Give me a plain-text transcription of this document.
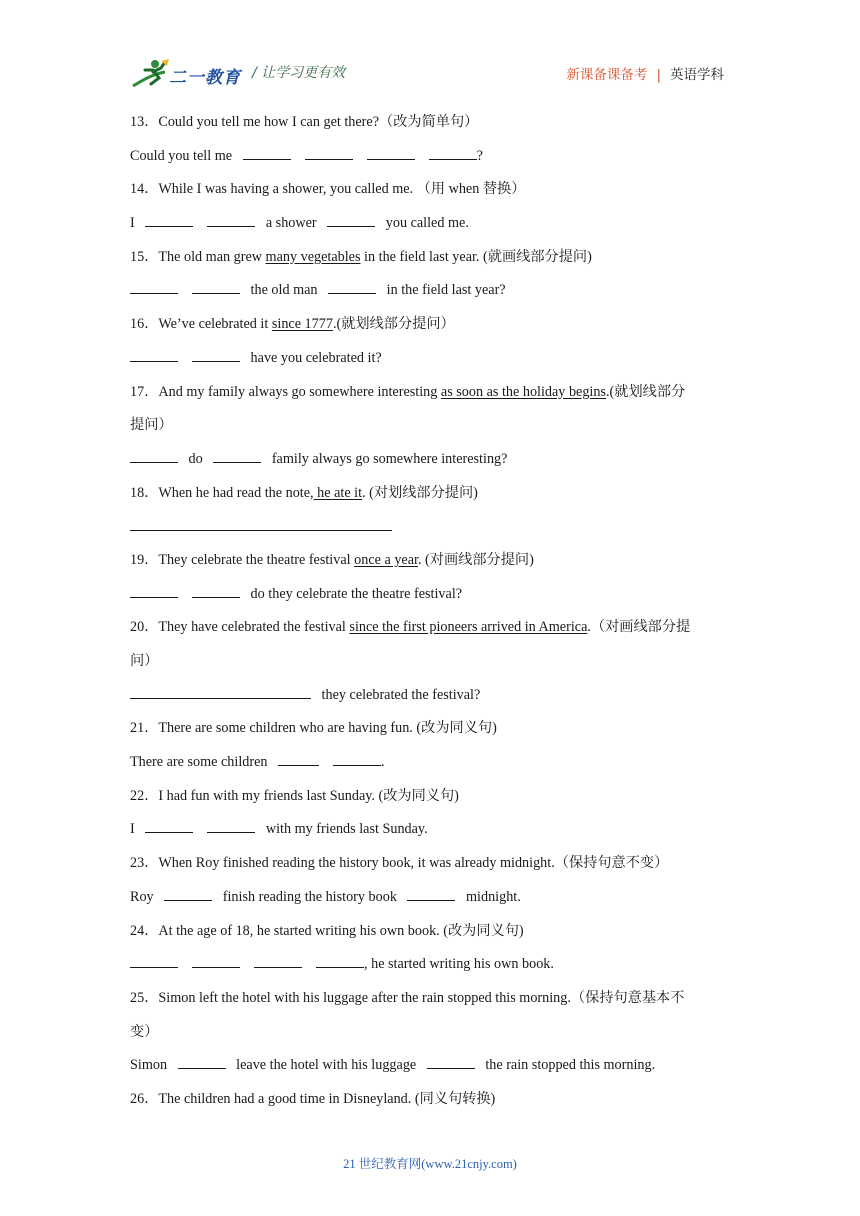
二一教育 / 让学习更有效	新课备课备考 | 英语学科
13．Could you tell me how I can get there?（改为简单句）
Could you tell me	?
14．While I was having a shower, you called me. （用 when 替换）
I	a shower	you called me.
15．The old man grew many vegetables in the field last year. (就画线部分提问)
the old man	in the field last year?
16．We’ve celebrated it since 1777.(就划线部分提问）
have you celebrated it?
17．And my family always go somewhere interesting as soon as the holiday begins.(就划线部分
提问）
do	family always go somewhere interesting?
18．When he had read the note, he ate it. (对划线部分提问)
19．They celebrate the theatre festival once a year. (对画线部分提问)
do they celebrate the theatre festival?
20．They have celebrated the festival since the first pioneers arrived in America.（对画线部分提
问）
they celebrated the festival?
21．There are some children who are having fun. (改为同义句)
There are some children	.
22．I had fun with my friends last Sunday. (改为同义句)
I	with my friends last Sunday.
23．When Roy finished reading the history book, it was already midnight.（保持句意不变）
Roy	finish reading the history book	midnight.
24．At the age of 18, he started writing his own book. (改为同义句)
, he started writing his own book.
25．Simon left the hotel with his luggage after the rain stopped this morning.（保持句意基本不
变）
Simon	leave the hotel with his luggage	the rain stopped this morning.
26．The children had a good time in Disneyland. (同义句转换)
21 世纪教育网(www.21cnjy.com)
